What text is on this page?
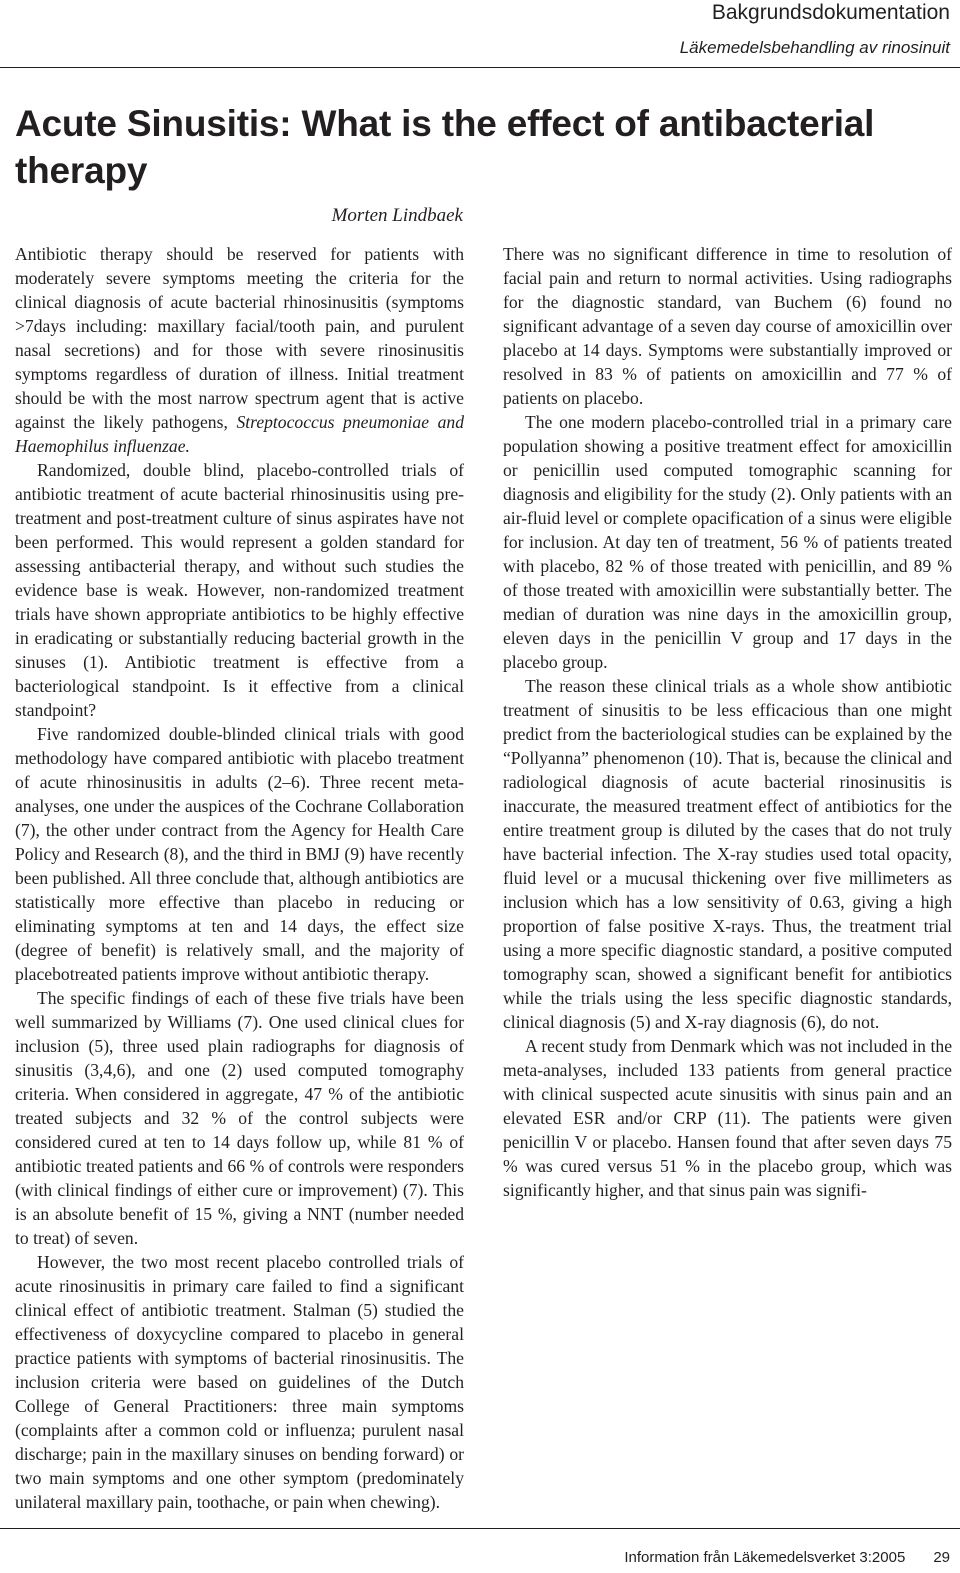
Bakgrundsdokumentation
Läkemedelsbehandling av rinosinuit
Acute Sinusitis: What is the effect of antibacterial therapy
Morten Lindbaek

Antibiotic therapy should be reserved for patients with moderately severe symptoms meeting the criteria for the clinical diagnosis of acute bacterial rhinosinusitis (symptoms >7days including: maxillary facial/tooth pain, and purulent nasal secretions) and for those with severe rinosinusitis symptoms regardless of duration of illness. Initial treatment should be with the most narrow spectrum agent that is active against the likely pathogens, Streptococcus pneumoniae and Haemophilus influenzae.

Randomized, double blind, placebo-controlled trials of antibiotic treatment of acute bacterial rhinosinusitis using pre-treatment and post-treatment culture of sinus aspirates have not been performed. This would represent a golden standard for assessing antibacterial therapy, and without such studies the evidence base is weak. However, non-randomized treatment trials have shown appropriate antibiotics to be highly effective in eradicating or substantially reducing bacterial growth in the sinuses (1). Antibiotic treatment is effective from a bacteriological standpoint. Is it effective from a clinical standpoint?

Five randomized double-blinded clinical trials with good methodology have compared antibiotic with placebo treatment of acute rhinosinusitis in adults (2–6). Three recent meta-analyses, one under the auspices of the Cochrane Collaboration (7), the other under contract from the Agency for Health Care Policy and Research (8), and the third in BMJ (9) have recently been published. All three conclude that, although antibiotics are statistically more effective than placebo in reducing or eliminating symptoms at ten and 14 days, the effect size (degree of benefit) is relatively small, and the majority of placebotreated patients improve without antibiotic therapy.

The specific findings of each of these five trials have been well summarized by Williams (7). One used clinical clues for inclusion (5), three used plain radiographs for diagnosis of sinusitis (3,4,6), and one (2) used computed tomography criteria. When considered in aggregate, 47 % of the antibiotic treated subjects and 32 % of the control subjects were considered cured at ten to 14 days follow up, while 81 % of antibiotic treated patients and 66 % of controls were responders (with clinical findings of either cure or improvement) (7). This is an absolute benefit of 15 %, giving a NNT (number needed to treat) of seven.

However, the two most recent placebo controlled trials of acute rinosinusitis in primary care failed to find a significant clinical effect of antibiotic treatment. Stalman (5) studied the effectiveness of doxycycline compared to placebo in general practice patients with symptoms of bacterial rinosinusitis. The inclusion criteria were based on guidelines of the Dutch College of General Practitioners: three main symptoms (complaints after a common cold or influenza; purulent nasal discharge; pain in the maxillary sinuses on bending forward) or two main symptoms and one other symptom (predominately unilateral maxillary pain, toothache, or pain when chewing).

There was no significant difference in time to resolution of facial pain and return to normal activities. Using radiographs for the diagnostic standard, van Buchem (6) found no significant advantage of a seven day course of amoxicillin over placebo at 14 days. Symptoms were substantially improved or resolved in 83 % of patients on amoxicillin and 77 % of patients on placebo.

The one modern placebo-controlled trial in a primary care population showing a positive treatment effect for amoxicillin or penicillin used computed tomographic scanning for diagnosis and eligibility for the study (2). Only patients with an air-fluid level or complete opacification of a sinus were eligible for inclusion. At day ten of treatment, 56 % of patients treated with placebo, 82 % of those treated with penicillin, and 89 % of those treated with amoxicillin were substantially better. The median of duration was nine days in the amoxicillin group, eleven days in the penicillin V group and 17 days in the placebo group.

The reason these clinical trials as a whole show antibiotic treatment of sinusitis to be less efficacious than one might predict from the bacteriological studies can be explained by the “Pollyanna” phenomenon (10). That is, because the clinical and radiological diagnosis of acute bacterial rinosinusitis is inaccurate, the measured treatment effect of antibiotics for the entire treatment group is diluted by the cases that do not truly have bacterial infection. The X-ray studies used total opacity, fluid level or a mucusal thickening over five millimeters as inclusion which has a low sensitivity of 0.63, giving a high proportion of false positive X-rays. Thus, the treatment trial using a more specific diagnostic standard, a positive computed tomography scan, showed a significant benefit for antibiotics while the trials using the less specific diagnostic standards, clinical diagnosis (5) and X-ray diagnosis (6), do not.

A recent study from Denmark which was not included in the meta-analyses, included 133 patients from general practice with clinical suspected acute sinusitis with sinus pain and an elevated ESR and/or CRP (11). The patients were given penicillin V or placebo. Hansen found that after seven days 75 % was cured versus 51 % in the placebo group, which was significantly higher, and that sinus pain was signifi-

Information från Läkemedelsverket 3:2005 29
